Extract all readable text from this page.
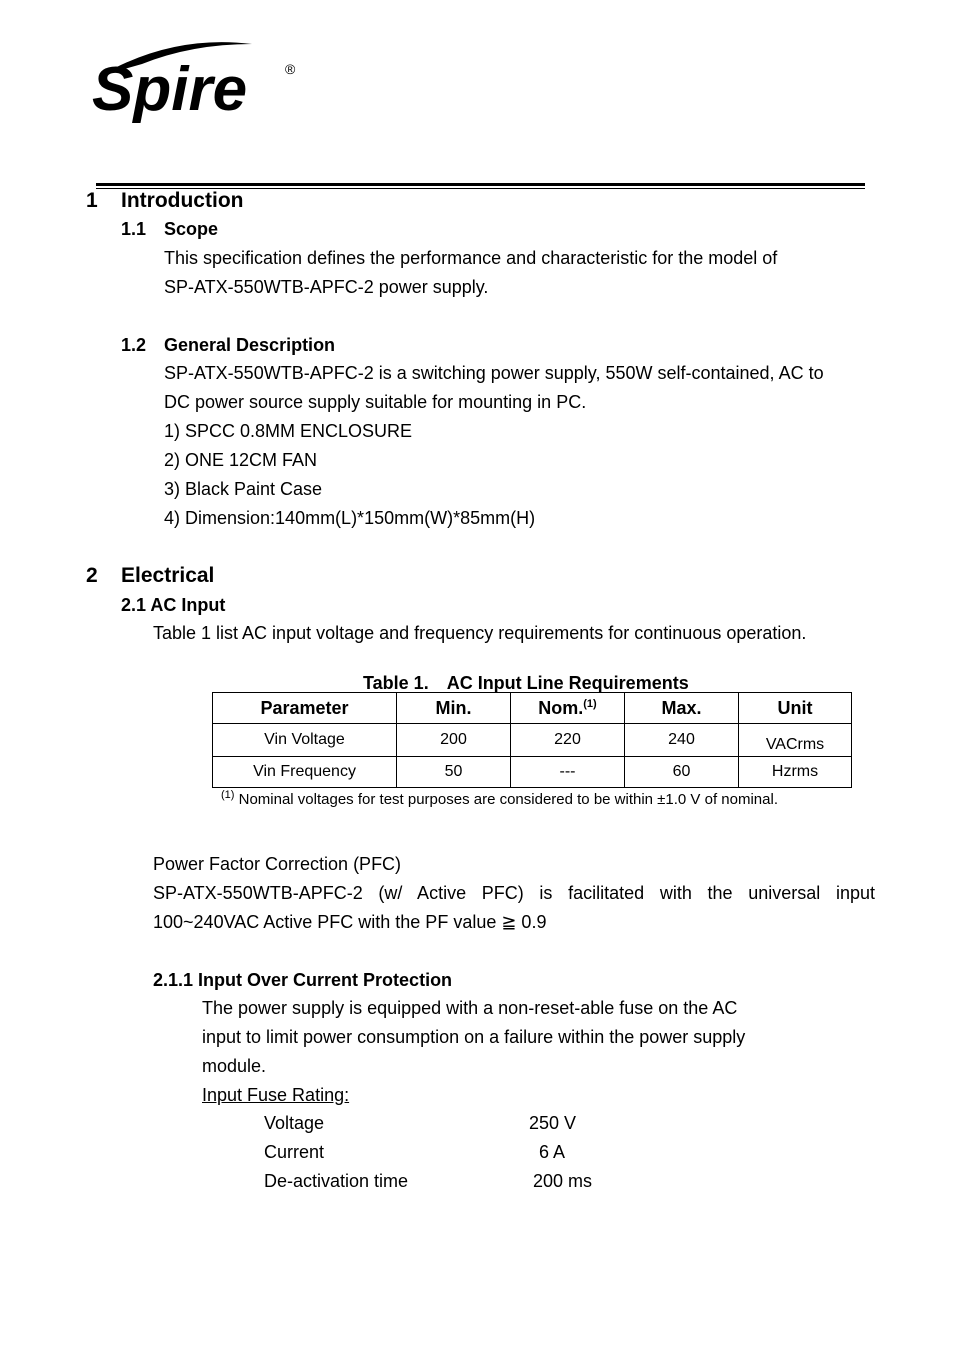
Spire	®
1 Introduction
1.1 Scope
This specification defines the performance and characteristic for the model of
SP-ATX-550WTB-APFC-2 power supply.
1.2 General Description
SP-ATX-550WTB-APFC-2 is a switching power supply, 550W self-contained, AC to
DC power source supply suitable for mounting in PC.
1) SPCC 0.8MM ENCLOSURE
2) ONE 12CM FAN
3) Black Paint Case
4) Dimension:140mm(L)*150mm(W)*85mm(H)
2 Electrical
2.1 AC Input
Table 1 list AC input voltage and frequency requirements for continuous operation.
Table 1.　AC Input Line Requirements
Parameter	Min.	Nom.$^{(1)}$	Max.	Unit
Vin Voltage	200	220	240	VACrms
Vin Frequency	50	---	60	Hzrms
$^{(1)}$ Nominal voltages for test purposes are considered to be within ±1.0 V of nominal.
Power Factor Correction (PFC)
SP-ATX-550WTB-APFC-2 (w/ Active PFC) is facilitated with the universal input
100~240VAC Active PFC with the PF value ≧ 0.9
2.1.1 Input Over Current Protection
The power supply is equipped with a non-reset-able fuse on the AC
input to limit power consumption on a failure within the power supply
module.
Input Fuse Rating:
Voltage	250 V
Current	6 A
De-activation time	200 ms
